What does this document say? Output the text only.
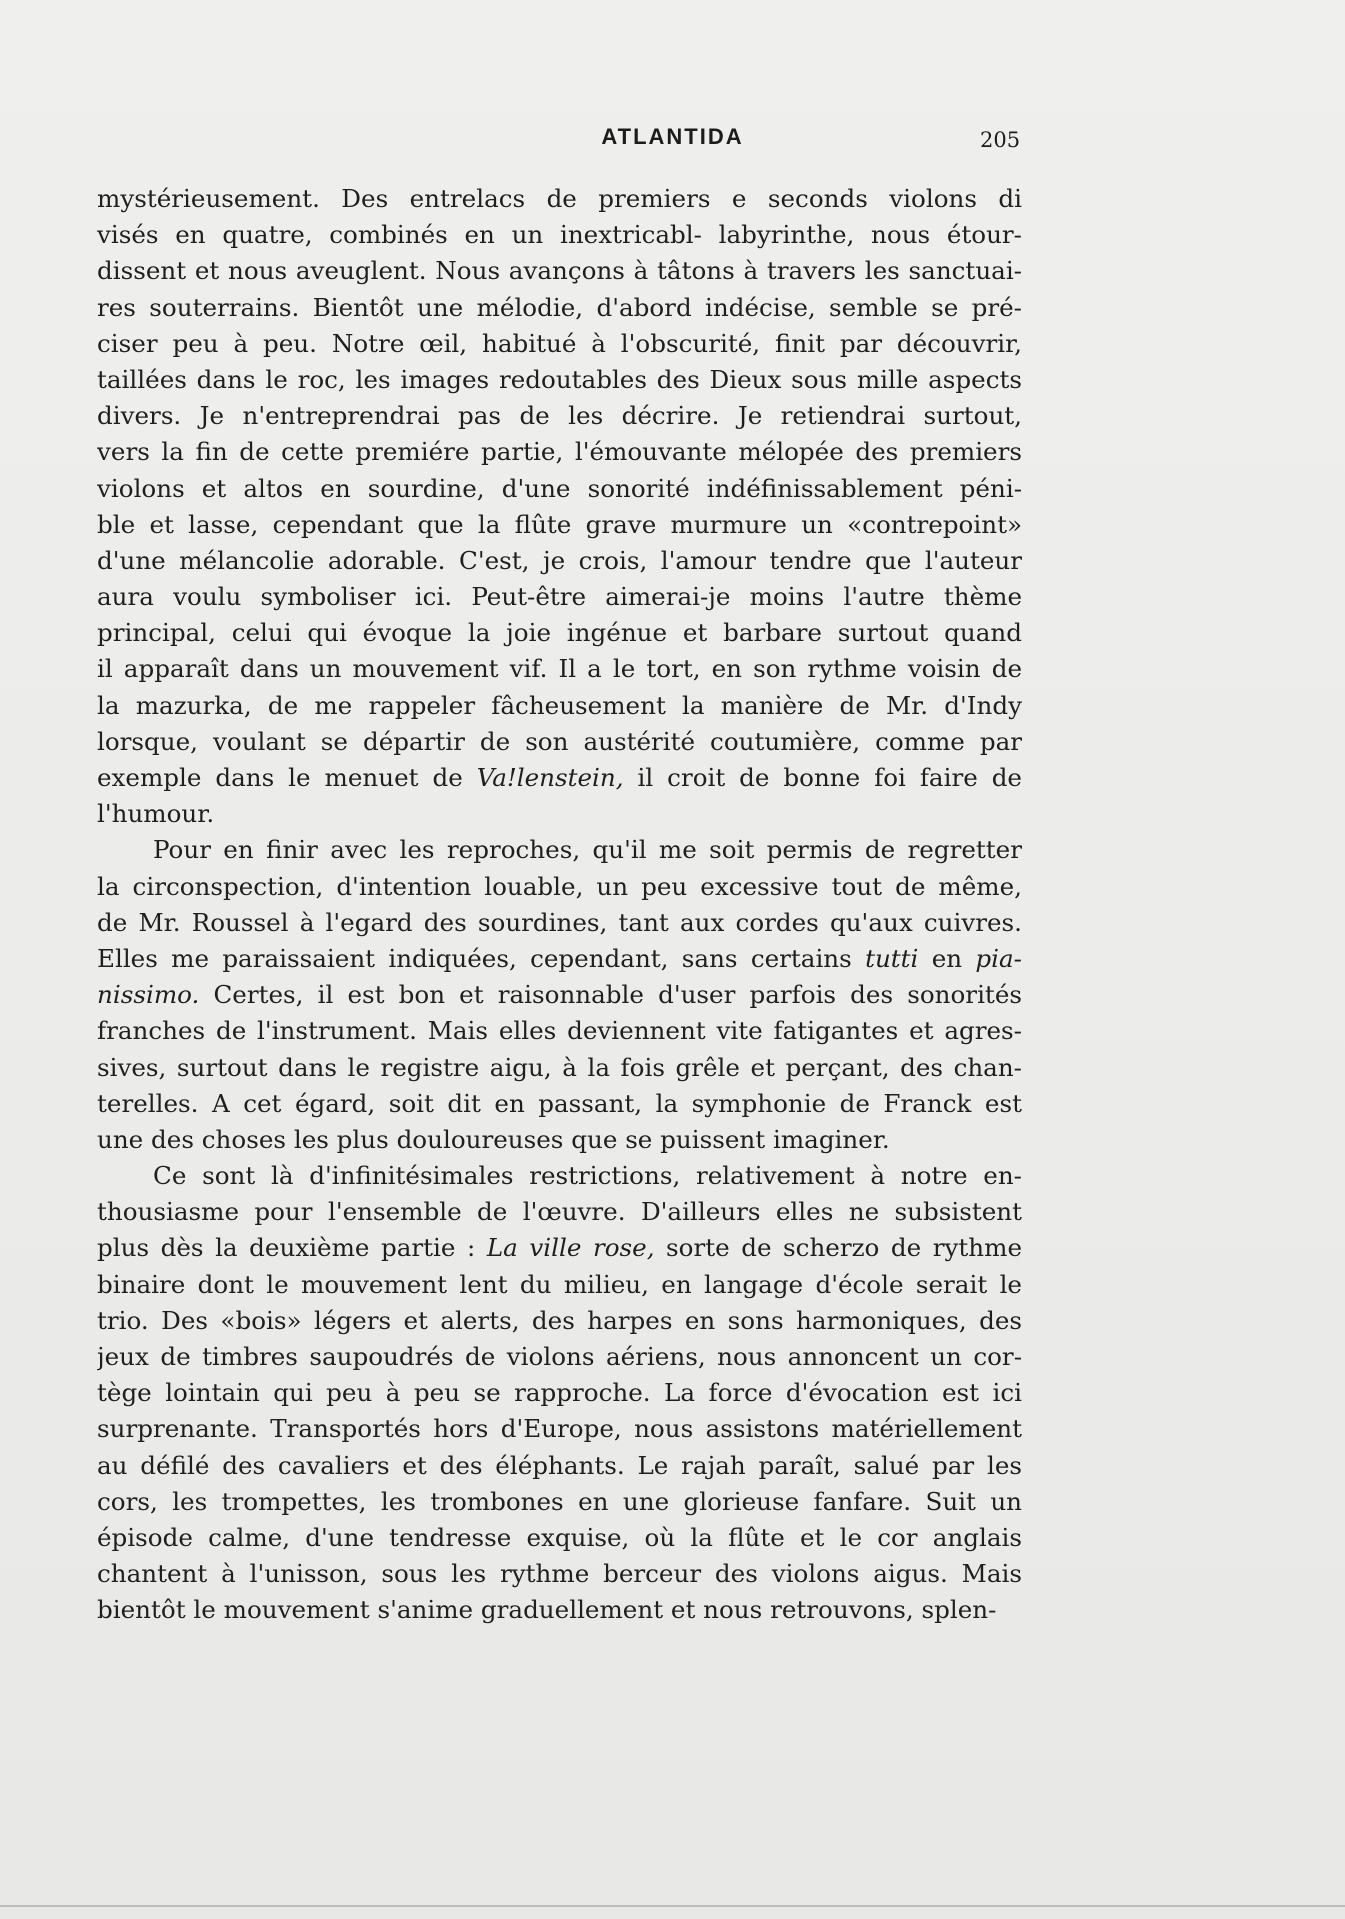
ATLANTIDA	205

mystérieusement. Des entrelacs de premiers e seconds violons di
visés en quatre, combinés en un inextricabl- labyrinthe, nous étour-
dissent et nous aveuglent. Nous avançons à tâtons à travers les sanctuai-
res souterrains. Bientôt une mélodie, d'abord indécise, semble se pré-
ciser peu à peu. Notre œil, habitué à l'obscurité, finit par découvrir,
taillées dans le roc, les images redoutables des Dieux sous mille aspects
divers. Je n'entreprendrai pas de les décrire. Je retiendrai surtout,
vers la fin de cette premiére partie, l'émouvante mélopée des premiers
violons et altos en sourdine, d'une sonorité indéfinissablement péni-
ble et lasse, cependant que la flûte grave murmure un «contrepoint»
d'une mélancolie adorable. C'est, je crois, l'amour tendre que l'auteur
aura voulu symboliser ici. Peut-être aimerai-je moins l'autre thème
principal, celui qui évoque la joie ingénue et barbare surtout quand
il apparaît dans un mouvement vif. Il a le tort, en son rythme voisin de
la mazurka, de me rappeler fâcheusement la manière de Mr. d'Indy
lorsque, voulant se départir de son austérité coutumière, comme par
exemple dans le menuet de Va!lenstein, il croit de bonne foi faire de
l'humour.
Pour en finir avec les reproches, qu'il me soit permis de regretter
la circonspection, d'intention louable, un peu excessive tout de même,
de Mr. Roussel à l'egard des sourdines, tant aux cordes qu'aux cuivres.
Elles me paraissaient indiquées, cependant, sans certains tutti en pia-
nissimo. Certes, il est bon et raisonnable d'user parfois des sonorités
franches de l'instrument. Mais elles deviennent vite fatigantes et agres-
sives, surtout dans le registre aigu, à la fois grêle et perçant, des chan-
terelles. A cet égard, soit dit en passant, la symphonie de Franck est
une des choses les plus douloureuses que se puissent imaginer.
Ce sont là d'infinitésimales restrictions, relativement à notre en-
thousiasme pour l'ensemble de l'œuvre. D'ailleurs elles ne subsistent
plus dès la deuxième partie : La ville rose, sorte de scherzo de rythme
binaire dont le mouvement lent du milieu, en langage d'école serait le
trio. Des «bois» légers et alerts, des harpes en sons harmoniques, des
jeux de timbres saupoudrés de violons aériens, nous annoncent un cor-
tège lointain qui peu à peu se rapproche. La force d'évocation est ici
surprenante. Transportés hors d'Europe, nous assistons matériellement
au défilé des cavaliers et des éléphants. Le rajah paraît, salué par les
cors, les trompettes, les trombones en une glorieuse fanfare. Suit un
épisode calme, d'une tendresse exquise, où la flûte et le cor anglais
chantent à l'unisson, sous les rythme berceur des violons aigus. Mais
bientôt le mouvement s'anime graduellement et nous retrouvons, splen-
